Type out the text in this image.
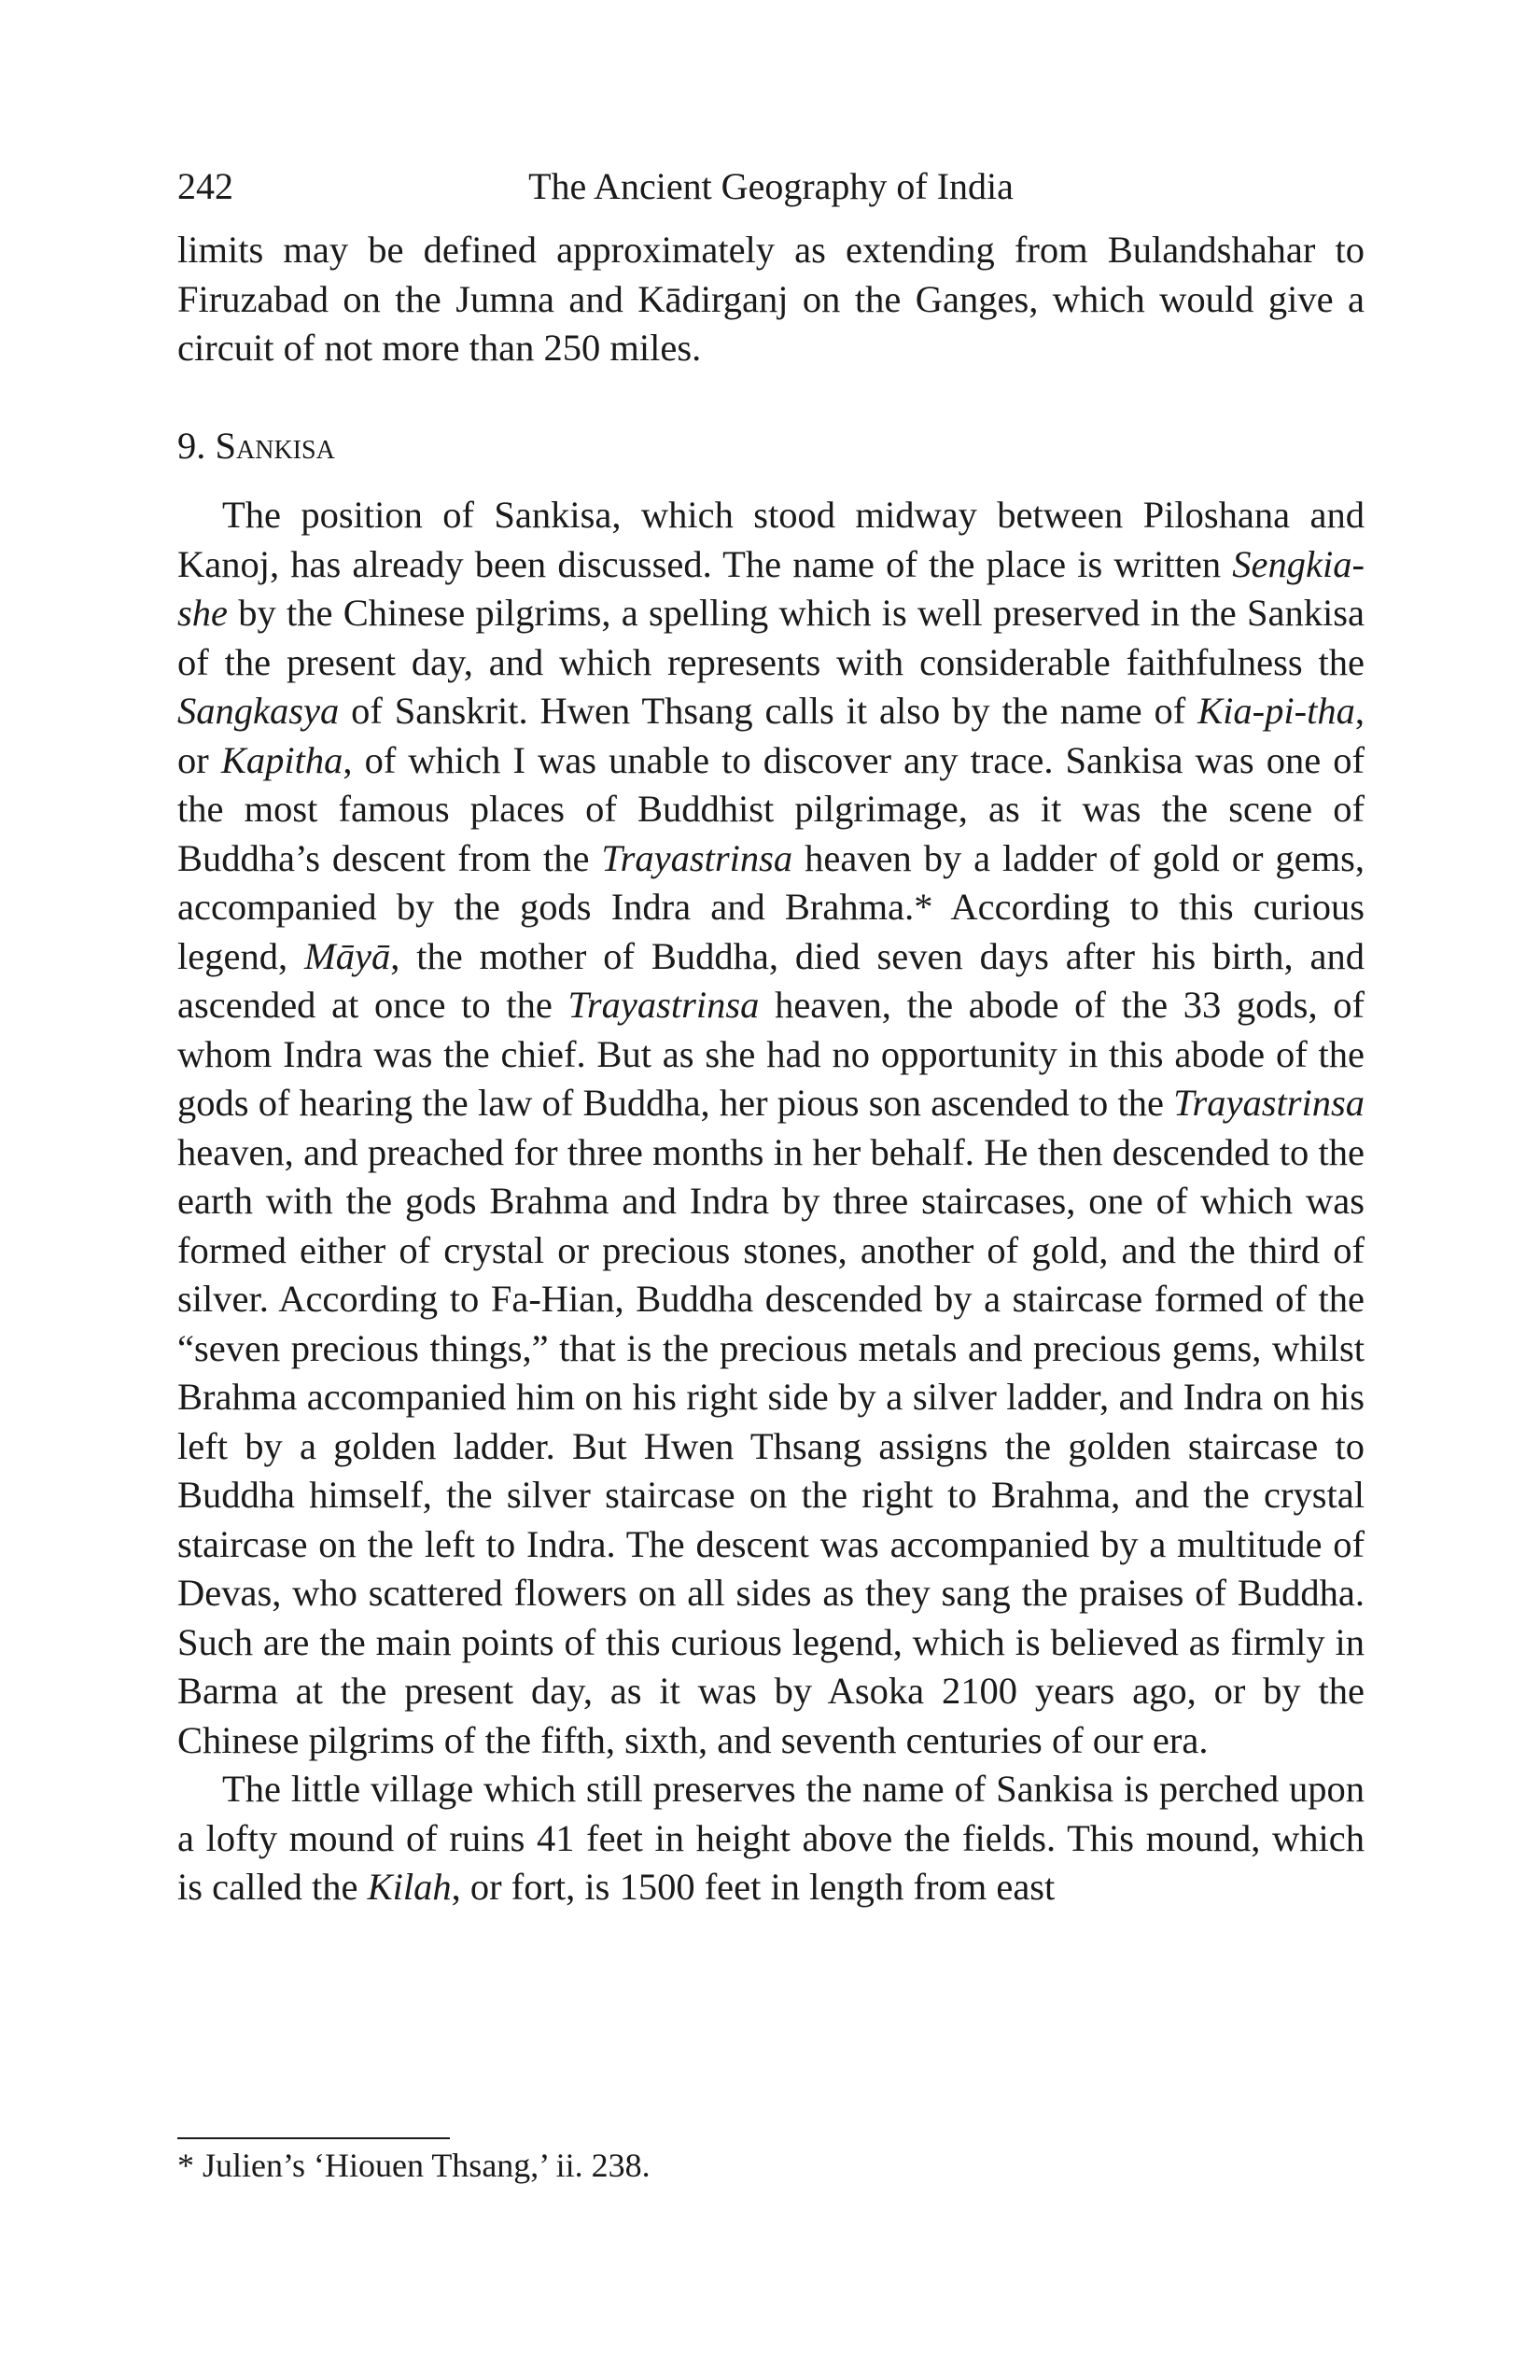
242	The Ancient Geography of India

limits may be defined approximately as extending from Bulandshahar to Firuzabad on the Jumna and Kādirganj on the Ganges, which would give a circuit of not more than 250 miles.

9. Sankisa

The position of Sankisa, which stood midway between Piloshana and Kanoj, has already been discussed. The name of the place is written Sengkia-she by the Chinese pilgrims, a spelling which is well preserved in the Sankisa of the present day, and which represents with considerable faithfulness the Sangkasya of Sanskrit. Hwen Thsang calls it also by the name of Kia-pi-tha, or Kapitha, of which I was unable to discover any trace. Sankisa was one of the most famous places of Buddhist pilgrimage, as it was the scene of Buddha’s descent from the Trayastrinsa heaven by a ladder of gold or gems, accompanied by the gods Indra and Brahma.* According to this curious legend, Māyā, the mother of Buddha, died seven days after his birth, and ascended at once to the Trayastrinsa heaven, the abode of the 33 gods, of whom Indra was the chief. But as she had no opportunity in this abode of the gods of hearing the law of Buddha, her pious son ascended to the Trayastrinsa heaven, and preached for three months in her behalf. He then descended to the earth with the gods Brahma and Indra by three staircases, one of which was formed either of crystal or precious stones, another of gold, and the third of silver. According to Fa-Hian, Buddha descended by a staircase formed of the “seven precious things,” that is the precious metals and precious gems, whilst Brahma accompanied him on his right side by a silver ladder, and Indra on his left by a golden ladder. But Hwen Thsang assigns the golden staircase to Buddha himself, the silver staircase on the right to Brahma, and the crystal staircase on the left to Indra. The descent was accompanied by a multitude of Devas, who scattered flowers on all sides as they sang the praises of Buddha. Such are the main points of this curious legend, which is believed as firmly in Barma at the present day, as it was by Asoka 2100 years ago, or by the Chinese pilgrims of the fifth, sixth, and seventh centuries of our era.

The little village which still preserves the name of Sankisa is perched upon a lofty mound of ruins 41 feet in height above the fields. This mound, which is called the Kilah, or fort, is 1500 feet in length from east

* Julien’s ‘Hiouen Thsang,’ ii. 238.
